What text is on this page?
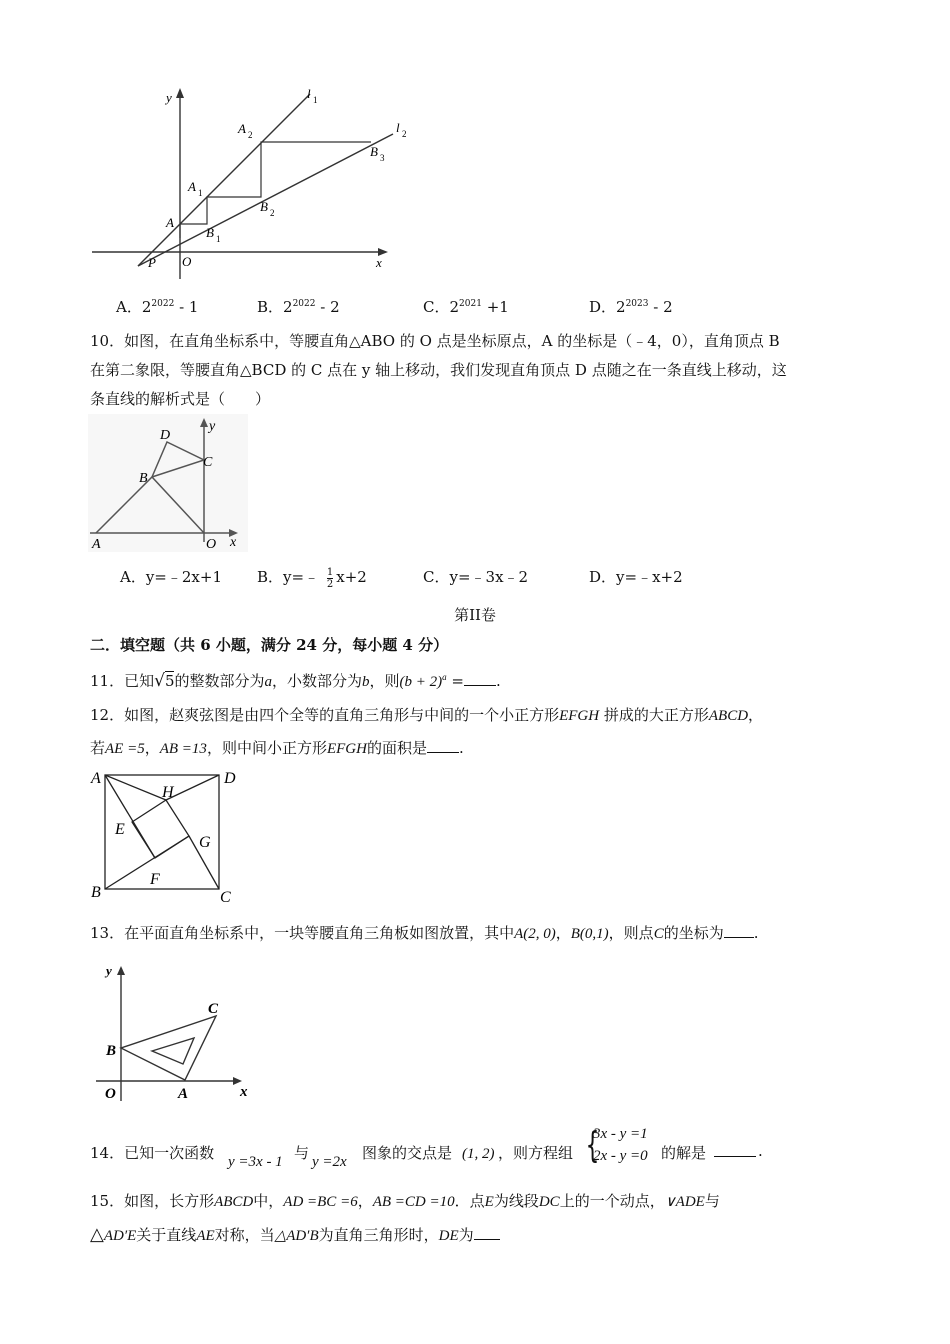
y	l 1
l 2
A 2
B 3
A 1
B 2
A
B 1
P O	x
A．$2^{2022} - 1$	B．$2^{2022} - 2$	C．$2^{2021} +1$	D．$2^{2023} - 2$
10．如图，在直角坐标系中，等腰直角△ABO 的 O 点是坐标原点，A 的坐标是（﹣4，0），直角顶点 B
在第二象限，等腰直角△BCD 的 C 点在 y 轴上移动，我们发现直角顶点 D 点随之在一条直线上移动，这
条直线的解析式是（　　）
D
y
C
B
A	O x
A．y=﹣2x+1 B．y=﹣ $\frac{1}{2} x+2$	C．y=﹣3x﹣2	D．y=﹣x+2
第II卷
二．填空题（共 6 小题，满分 24 分，每小题 4 分）
11．已知√5的整数部分为a，小数部分为b，则$(b + 2)^a$ = .
12．如图，赵爽弦图是由四个全等的直角三角形与中间的一个小正方形EFGH 拼成的大正方形ABCD，
若AE =5，AB =13，则中间小正方形EFGH的面积是 .
A	D
H
E
G
B
F
C
13．在平面直角坐标系中，一块等腰直角三角板如图放置，其中A(2, 0)，B(0,1)，则点C的坐标为 .
y
C
B
O	A	x
14．已知一次函数 y =3x - 1 与 y =2x 图象的交点是 (1, 2) ，则方程组 {
3x - y =1
2x - y =0 的解是	.
15．如图，长方形ABCD中，AD =BC =6，AB =CD =10．点E为线段DC上的一个动点，∨ADE与
△AD′E关于直线AE对称，当△AD′B为直角三角形时，DE为
